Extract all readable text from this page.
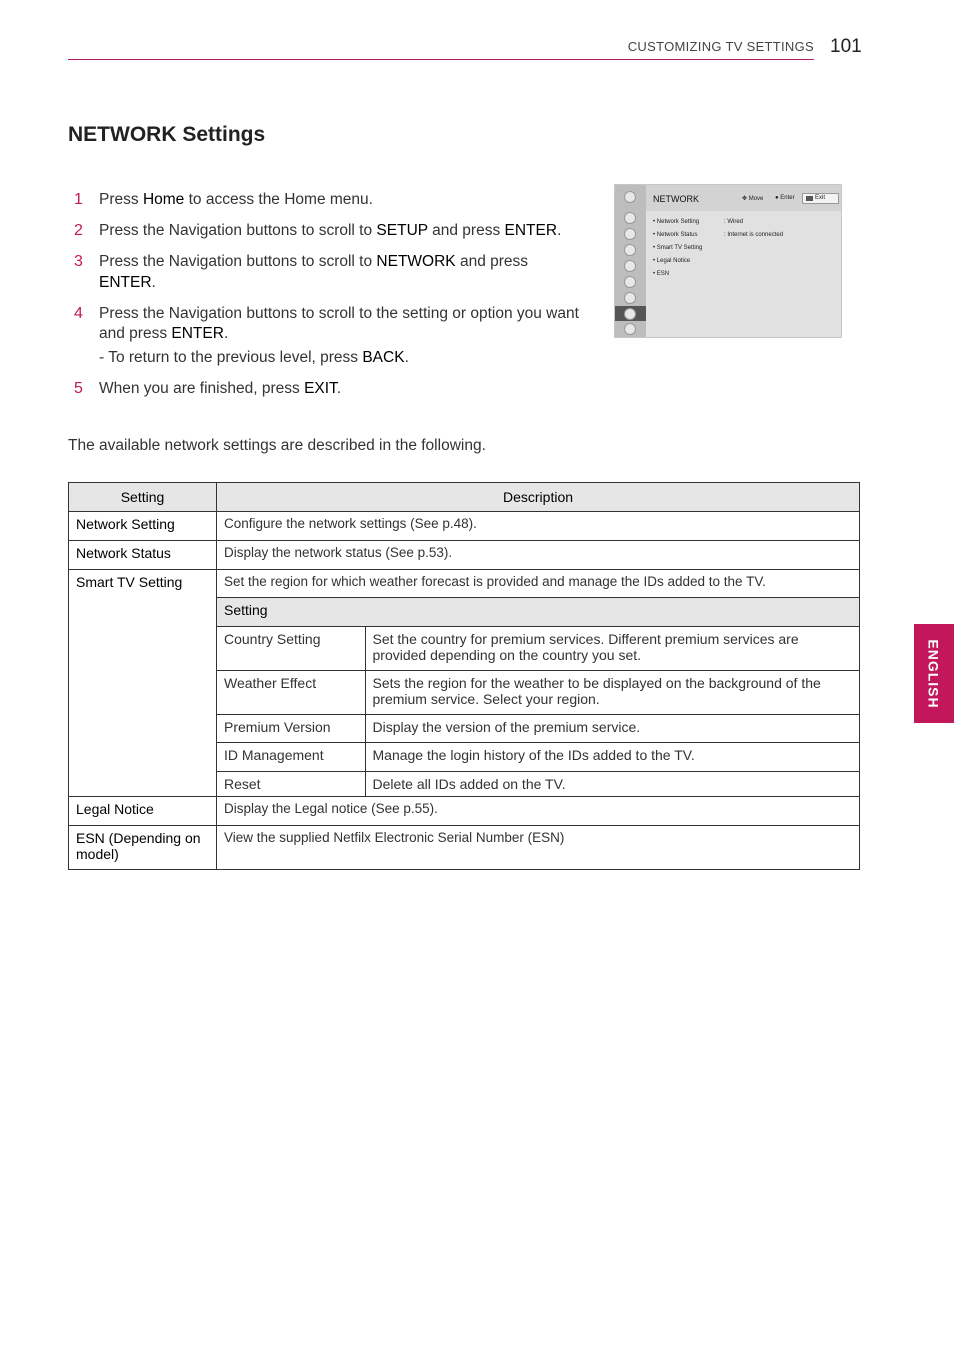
CUSTOMIZING TV SETTINGS 101
NETWORK Settings
1 Press Home to access the Home menu.
2 Press the Navigation buttons to scroll to SETUP and press ENTER.
3 Press the Navigation buttons to scroll to NETWORK and press ENTER.
4 Press the Navigation buttons to scroll to the setting or option you want and press ENTER.
- To return to the previous level, press BACK.
5 When you are finished, press EXIT.
NETWORK	✥ Move ● Enter	Exit
• Network Setting	: Wired
• Network Status	: Internet is connected
• Smart TV Setting
• Legal Notice
• ESN

The available network settings are described in the following.

Setting	Description
Network Setting	Configure the network settings (See p.48).
Network Status	Display the network status (See p.53).
Smart TV Setting	Set the region for which weather forecast is provided and manage the IDs added to the TV.
Setting
Country Setting	Set the country for premium services. Different premium services are provided depending on the country you set.
Weather Effect	Sets the region for the weather to be displayed on the background of the premium service. Select your region.
Premium Version	Display the version of the premium service.
ID Management	Manage the login history of the IDs added to the TV.
Reset	Delete all IDs added on the TV.

Legal Notice	Display the Legal notice (See p.55).
ESN (Depending on model)	View the supplied Netfilx Electronic Serial Number (ESN)
ENGLISH
